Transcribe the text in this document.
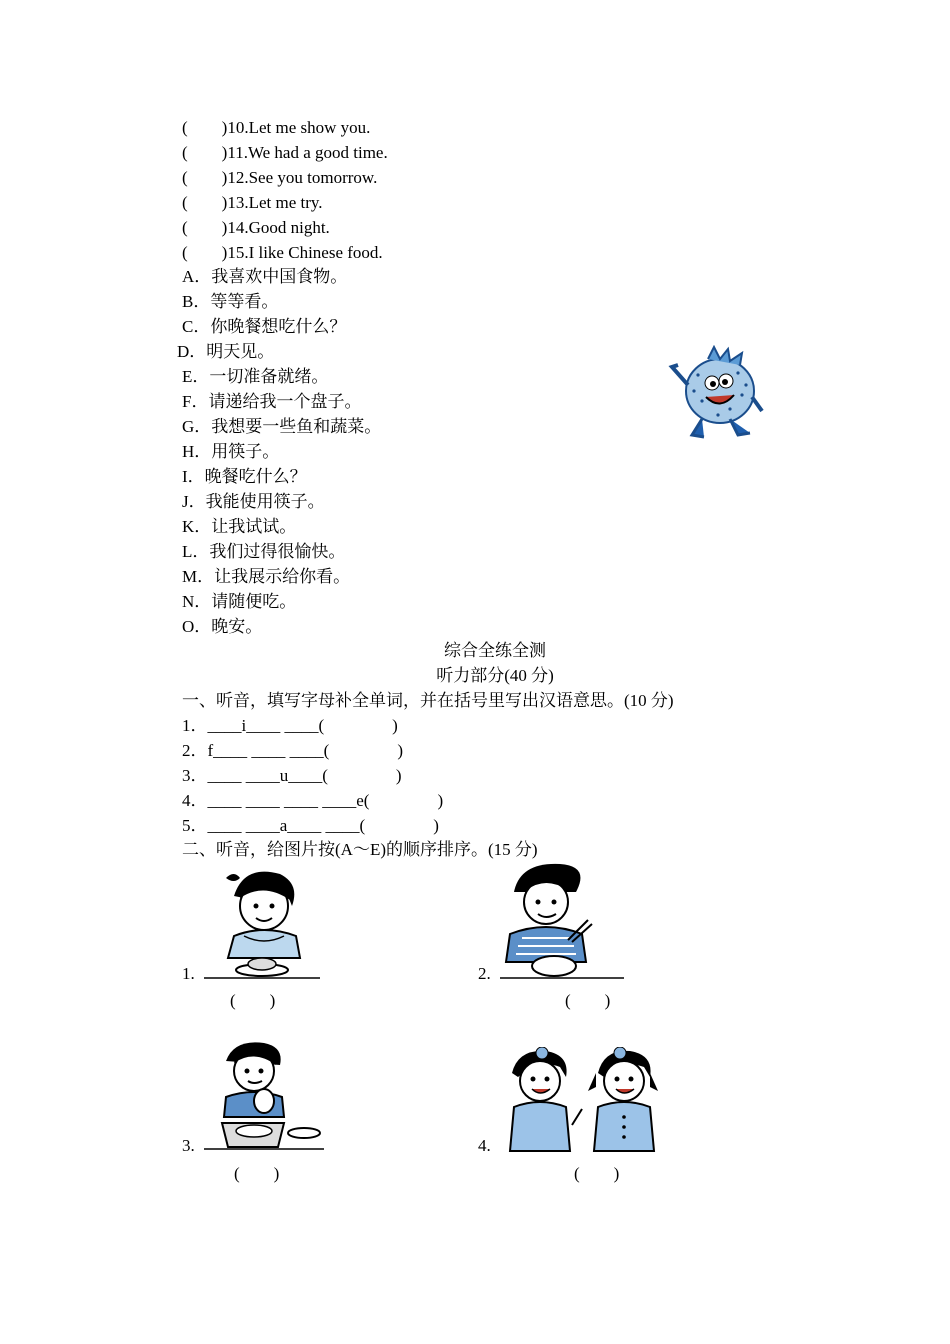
(        )10.Let me show you.
(        )11.We had a good time.
(        )12.See you tomorrow.
(        )13.Let me try.
(        )14.Good night.
(        )15.I like Chinese food.
A．我喜欢中国食物。
B．等等看。
C．你晚餐想吃什么？
D．明天见。
E．一切准备就绪。
F．请递给我一个盘子。
G．我想要一些鱼和蔬菜。
H．用筷子。
I．晚餐吃什么？
J．我能使用筷子。
K．让我试试。
L．我们过得很愉快。
M．让我展示给你看。
N．请随便吃。
O．晚安。
综合全练全测
听力部分(40 分)
一、听音，填写字母补全单词，并在括号里写出汉语意思。(10 分)
1．____i____ ____(                )
2．f____ ____ ____(                )
3．____ ____u____(                )
4．____ ____ ____ ____e(                )
5．____ ____a____ ____(                )
二、听音，给图片按(A～E)的顺序排序。(15 分)
1.
(        )
2.
(        )
3.
(        )
4.
(        )
